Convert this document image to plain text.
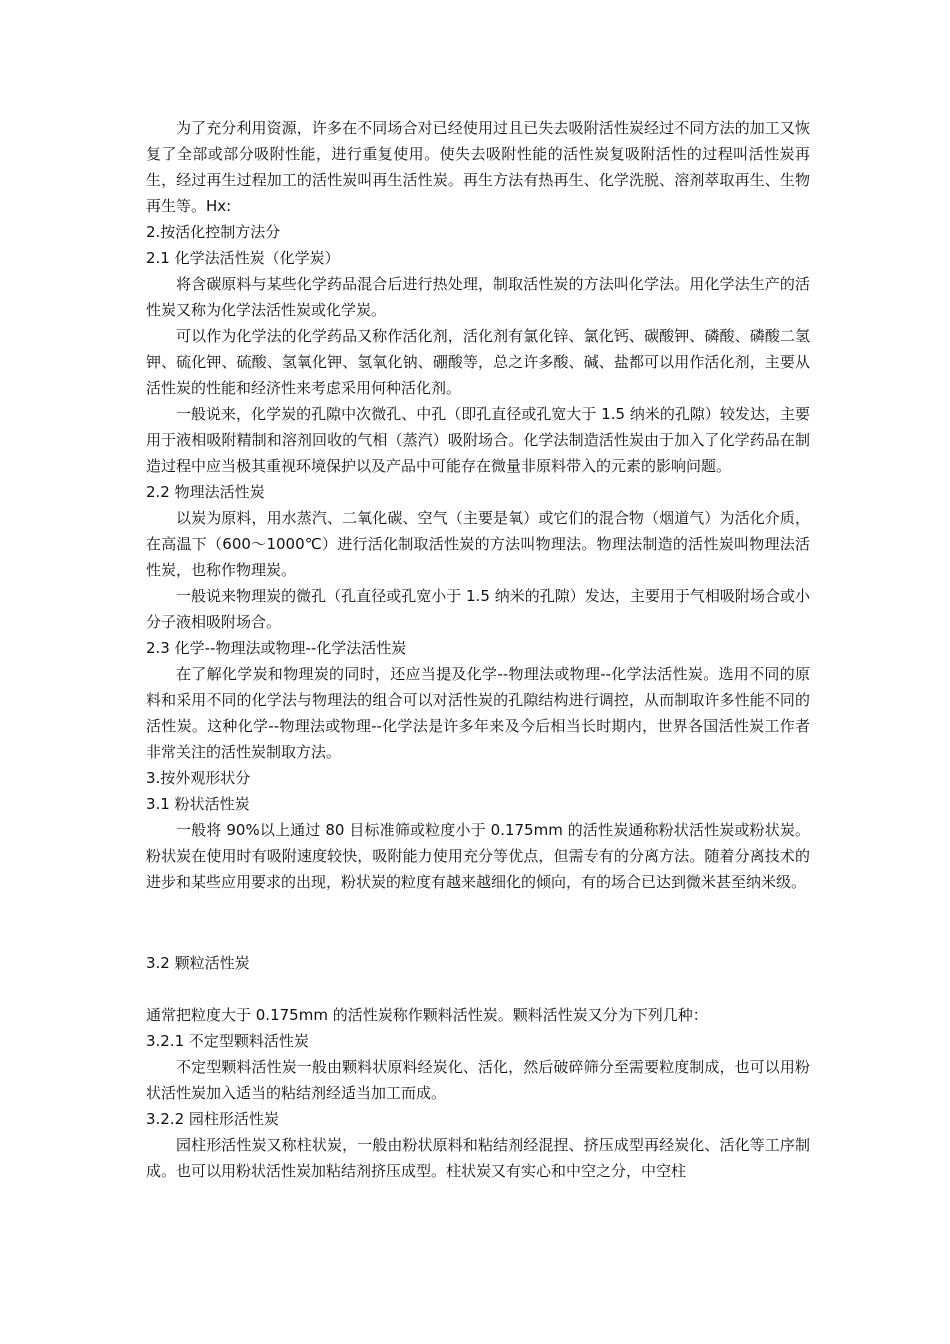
为了充分利用资源，许多在不同场合对已经使用过且已失去吸附活性炭经过不同方法的加工又恢复了全部或部分吸附性能，进行重复使用。使失去吸附性能的活性炭复吸附活性的过程叫活性炭再生，经过再生过程加工的活性炭叫再生活性炭。再生方法有热再生、化学洗脱、溶剂萃取再生、生物再生等。Hx:
2.按活化控制方法分
2.1 化学法活性炭（化学炭）
将含碳原料与某些化学药品混合后进行热处理，制取活性炭的方法叫化学法。用化学法生产的活性炭又称为化学法活性炭或化学炭。
可以作为化学法的化学药品又称作活化剂，活化剂有氯化锌、氯化钙、碳酸钾、磷酸、磷酸二氢钾、硫化钾、硫酸、氢氧化钾、氢氧化钠、硼酸等，总之许多酸、碱、盐都可以用作活化剂，主要从活性炭的性能和经济性来考虑采用何种活化剂。
一般说来，化学炭的孔隙中次微孔、中孔（即孔直径或孔宽大于 1.5 纳米的孔隙）较发达，主要用于液相吸附精制和溶剂回收的气相（蒸汽）吸附场合。化学法制造活性炭由于加入了化学药品在制造过程中应当极其重视环境保护以及产品中可能存在微量非原料带入的元素的影响问题。
2.2 物理法活性炭
以炭为原料，用水蒸汽、二氧化碳、空气（主要是氧）或它们的混合物（烟道气）为活化介质，在高温下（600～1000℃）进行活化制取活性炭的方法叫物理法。物理法制造的活性炭叫物理法活性炭，也称作物理炭。
一般说来物理炭的微孔（孔直径或孔宽小于 1.5 纳米的孔隙）发达，主要用于气相吸附场合或小分子液相吸附场合。
2.3 化学--物理法或物理--化学法活性炭
在了解化学炭和物理炭的同时，还应当提及化学--物理法或物理--化学法活性炭。选用不同的原料和采用不同的化学法与物理法的组合可以对活性炭的孔隙结构进行调控，从而制取许多性能不同的活性炭。这种化学--物理法或物理--化学法是许多年来及今后相当长时期内，世界各国活性炭工作者非常关注的活性炭制取方法。
3.按外观形状分
3.1 粉状活性炭
一般将 90%以上通过 80 目标准筛或粒度小于 0.175mm 的活性炭通称粉状活性炭或粉状炭。粉状炭在使用时有吸附速度较快，吸附能力使用充分等优点，但需专有的分离方法。随着分离技术的进步和某些应用要求的出现，粉状炭的粒度有越来越细化的倾向，有的场合已达到微米甚至纳米级。
3.2 颗粒活性炭
通常把粒度大于 0.175mm 的活性炭称作颗料活性炭。颗料活性炭又分为下列几种：
3.2.1 不定型颗料活性炭
不定型颗料活性炭一般由颗料状原料经炭化、活化，然后破碎筛分至需要粒度制成，也可以用粉状活性炭加入适当的粘结剂经适当加工而成。
3.2.2 园柱形活性炭
园柱形活性炭又称柱状炭，一般由粉状原料和粘结剂经混捏、挤压成型再经炭化、活化等工序制成。也可以用粉状活性炭加粘结剂挤压成型。柱状炭又有实心和中空之分，中空柱
